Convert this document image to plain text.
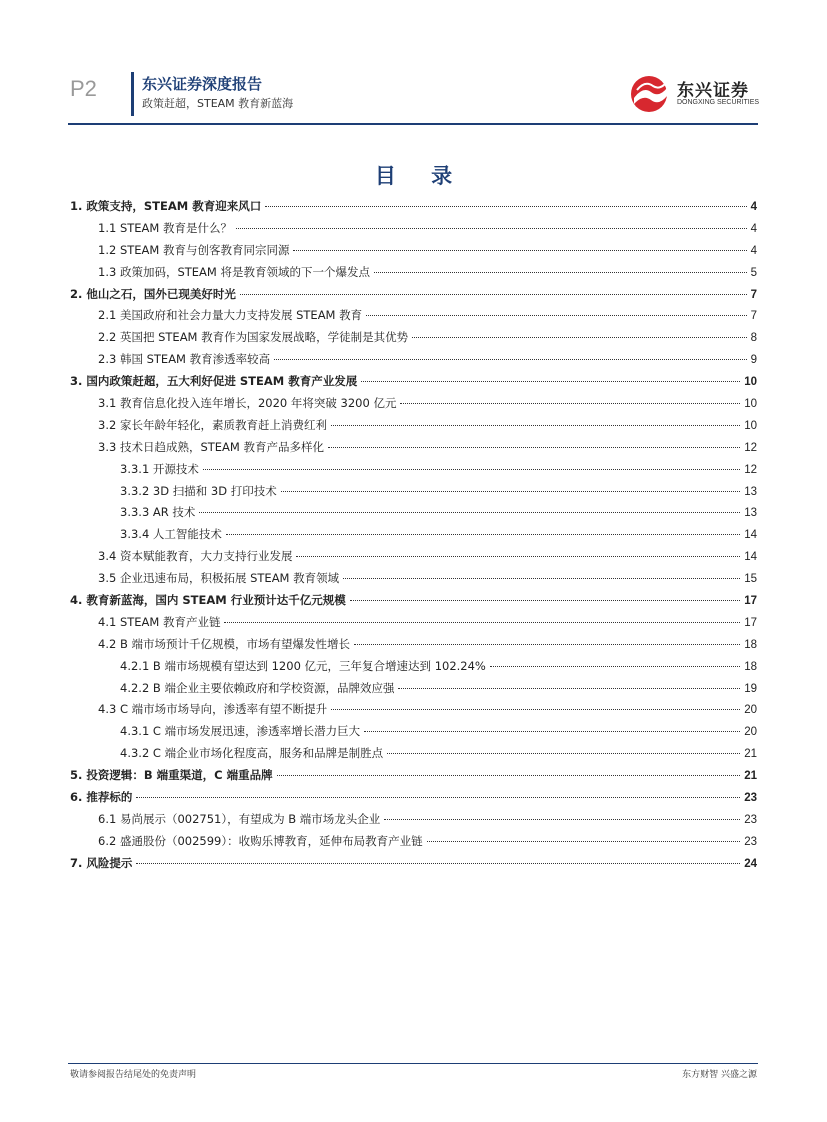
P2	东兴证券深度报告
政策赶超，STEAM 教育新蓝海
东兴证券
DONGXING SECURITIES
目 录
1. 政策支持，STEAM 教育迎来风口	4
1.1 STEAM 教育是什么？	4
1.2 STEAM 教育与创客教育同宗同源	4
1.3 政策加码，STEAM 将是教育领域的下一个爆发点	5
2. 他山之石，国外已现美好时光	7
2.1 美国政府和社会力量大力支持发展 STEAM 教育	7
2.2 英国把 STEAM 教育作为国家发展战略，学徒制是其优势	8
2.3 韩国 STEAM 教育渗透率较高	9
3. 国内政策赶超，五大利好促进 STEAM 教育产业发展	10
3.1 教育信息化投入连年增长，2020 年将突破 3200 亿元	10
3.2 家长年龄年轻化，素质教育赶上消费红利	10
3.3 技术日趋成熟，STEAM 教育产品多样化	12
3.3.1 开源技术	12
3.3.2 3D 扫描和 3D 打印技术	13
3.3.3 AR 技术	13
3.3.4 人工智能技术	14
3.4 资本赋能教育，大力支持行业发展	14
3.5 企业迅速布局，积极拓展 STEAM 教育领域	15
4. 教育新蓝海，国内 STEAM 行业预计达千亿元规模	17
4.1 STEAM 教育产业链	17
4.2 B 端市场预计千亿规模，市场有望爆发性增长	18
4.2.1 B 端市场规模有望达到 1200 亿元，三年复合增速达到 102.24%	18
4.2.2 B 端企业主要依赖政府和学校资源，品牌效应强	19
4.3 C 端市场市场导向，渗透率有望不断提升	20
4.3.1 C 端市场发展迅速，渗透率增长潜力巨大	20
4.3.2 C 端企业市场化程度高，服务和品牌是制胜点	21
5. 投资逻辑：B 端重渠道，C 端重品牌	21
6. 推荐标的	23
6.1 易尚展示（002751），有望成为 B 端市场龙头企业	23
6.2 盛通股份（002599）：收购乐博教育，延伸布局教育产业链	23
7. 风险提示	24
敬请参阅报告结尾处的免责声明	东方财智 兴盛之源
